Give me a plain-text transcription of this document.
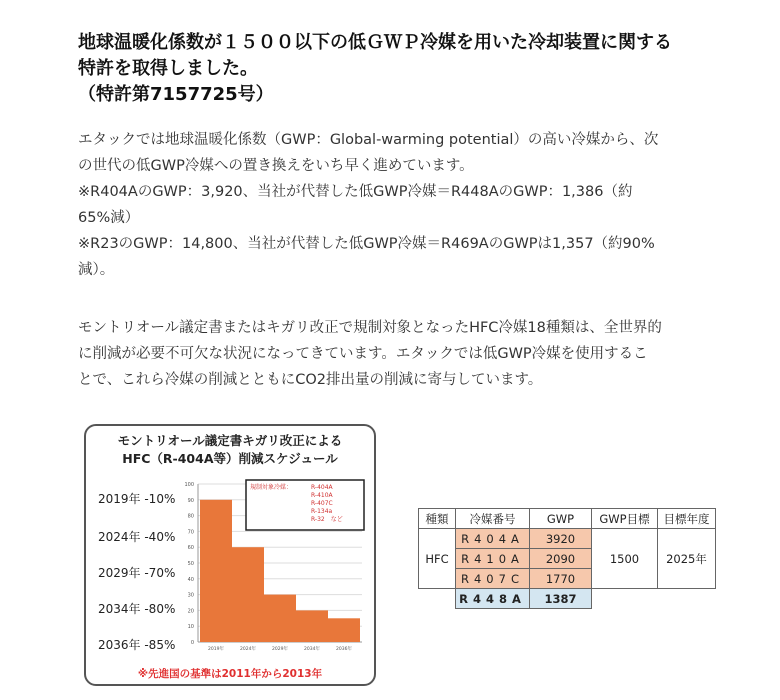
地球温暖化係数が１５００以下の低ＧＷＰ冷媒を用いた冷却装置に関する
特許を取得しました。
（特許第7157725号）
エタックでは地球温暖化係数（GWP：Global-warming potential）の高い冷媒から、次
の世代の低GWP冷媒への置き換えをいち早く進めています。
※R404AのGWP：3,920、当社が代替した低GWP冷媒＝R448AのGWP：1,386（約
65%減）
※R23のGWP：14,800、当社が代替した低GWP冷媒＝R469AのGWPは1,357（約90%
減）。
モントリオール議定書またはキガリ改正で規制対象となったHFC冷媒18種類は、全世界的
に削減が必要不可欠な状況になってきています。エタックでは低GWP冷媒を使用するこ
とで、これら冷媒の削減とともにCO2排出量の削減に寄与しています。
モントリオール議定書キガリ改正による
HFC（R-404A等）削減スケジュール
2019年 -10%
2024年 -40%
2029年 -70%
2034年 -80%
2036年 -85%	0
10
20
30
40
50
60
70
80
90
100
2019年	2024年	2029年	2034年	2036年
規制対象冷媒：	R-404A
R-410A
R-407C
R-134a
R-32　など
※先進国の基準は2011年から2013年
種類	冷媒番号	GWP	GWP目標	目標年度
HFC	R404A	3920	1500	2025年
	R410A	2090		
	R407C	1770		
	R448A	1387		
